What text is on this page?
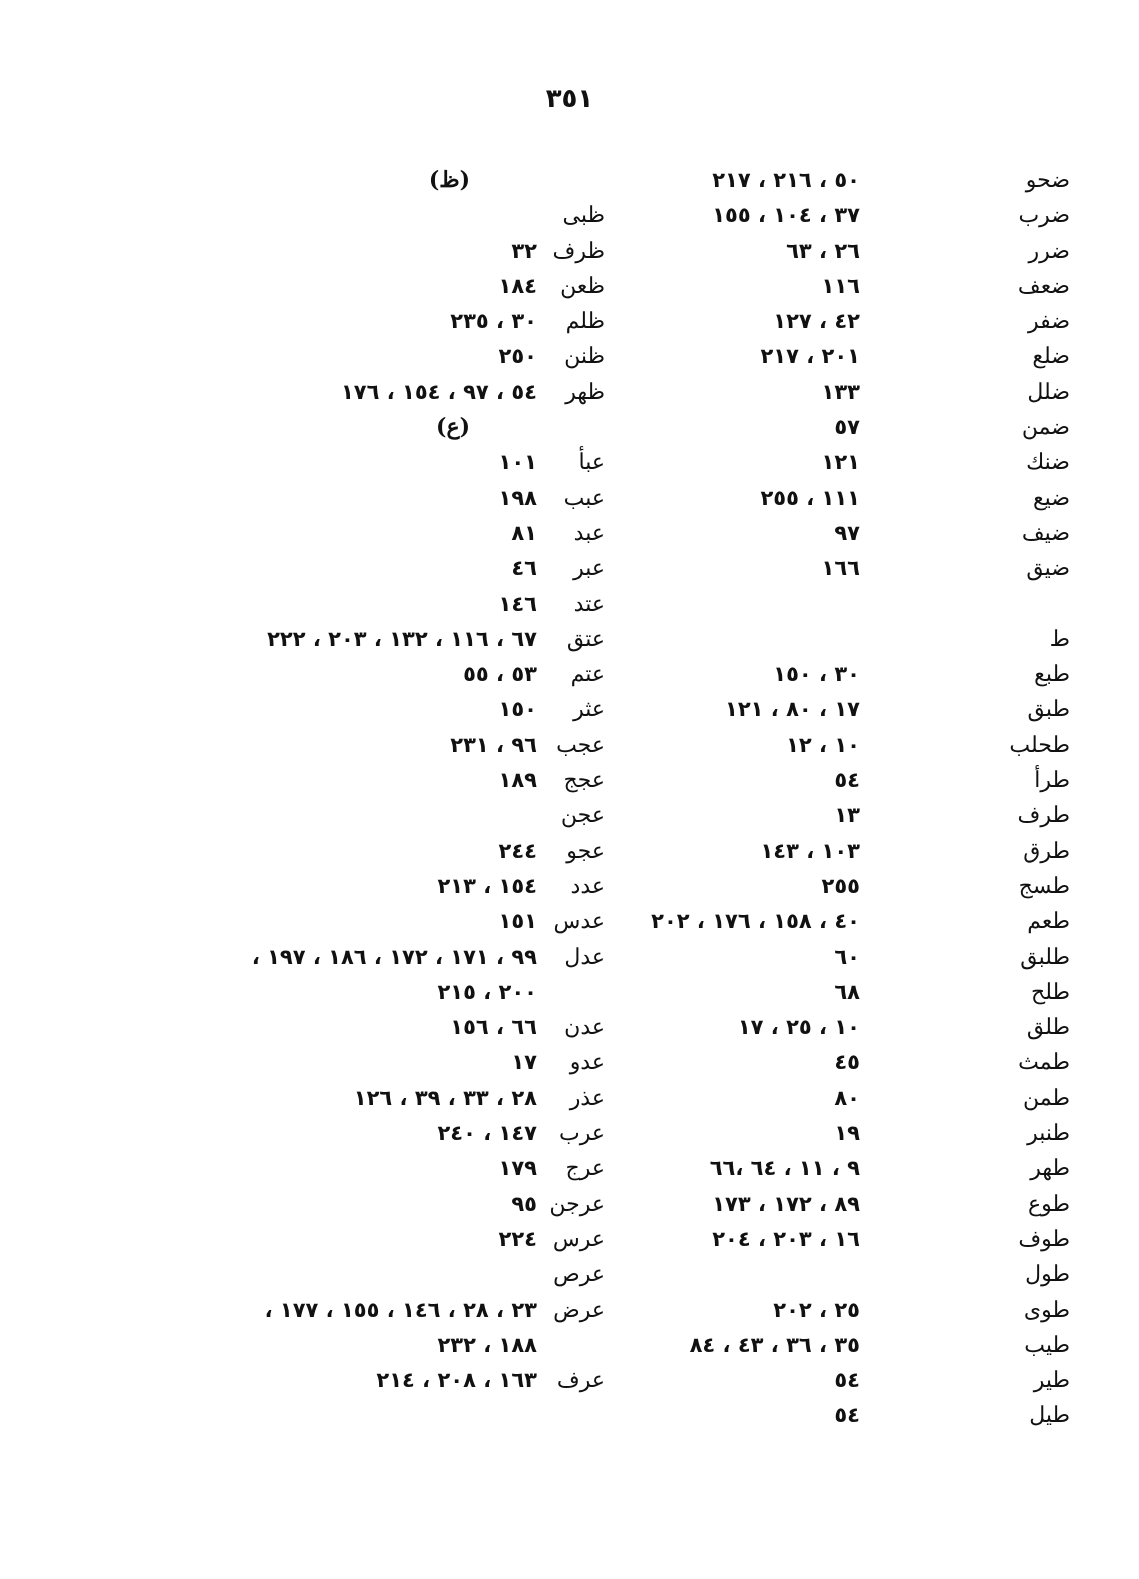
٣٥١
ضحو
٥٠ ، ٢١٦ ، ٢١٧
ضرب
٣٧ ، ١٠٤ ، ١٥٥
ضرر
٢٦ ، ٦٣
ضعف
١١٦
ضفر
٤٢ ، ١٢٧
ضلع
٢٠١ ، ٢١٧
ضلل
١٣٣
ضمن
٥٧
ضنك
١٢١
ضيع
١١١ ، ٢٥٥
ضيف
٩٧
ضيق
١٦٦
ط
طبع
٣٠ ، ١٥٠
طبق
١٧ ، ٨٠ ، ١٢١
طحلب
١٠ ، ١٢
طرأ
٥٤
طرف
١٣
طرق
١٠٣ ، ١٤٣
طسج
٢٥٥
طعم
٤٠ ، ١٥٨ ، ١٧٦ ، ٢٠٢
طلبق
٦٠
طلح
٦٨
طلق
١٠ ، ٢٥ ، ١٧
طمث
٤٥
طمن
٨٠
طنبر
١٩
طهر
٩ ، ١١ ، ٦٤ ،٦٦
طوع
٨٩ ، ١٧٢ ، ١٧٣
طوف
١٦ ، ٢٠٣ ، ٢٠٤
طول
طوى
٢٥ ، ٢٠٢
طيب
٣٥ ، ٣٦ ، ٤٣ ، ٨٤
طير
٥٤
طيل
٥٤
(ظ)
ظبى
ظرف
٣٢
ظعن
١٨٤
ظلم
٣٠ ، ٢٣٥
ظنن
٢٥٠
ظهر
٥٤ ، ٩٧ ، ١٥٤ ، ١٧٦
(ع)
عبأ
١٠١
عبب
١٩٨
عبد
٨١
عبر
٤٦
عتد
١٤٦
عتق
٦٧ ، ١١٦ ، ١٣٢ ، ٢٠٣ ، ٢٢٢
عتم
٥٣ ، ٥٥
عثر
١٥٠
عجب
٩٦ ، ٢٣١
عجج
١٨٩
عجن
عجو
٢٤٤
عدد
١٥٤ ، ٢١٣
عدس
١٥١
عدل
٩٩ ، ١٧١ ، ١٧٢ ، ١٨٦ ، ١٩٧ ،
٢٠٠ ، ٢١٥
عدن
٦٦ ، ١٥٦
عدو
١٧
عذر
٢٨ ، ٣٣ ، ٣٩ ، ١٢٦
عرب
١٤٧ ، ٢٤٠
عرج
١٧٩
عرجن
٩٥
عرس
٢٢٤
عرص
عرض
٢٣ ، ٢٨ ، ١٤٦ ، ١٥٥ ، ١٧٧ ،
١٨٨ ، ٢٣٢
عرف
١٦٣ ، ٢٠٨ ، ٢١٤
